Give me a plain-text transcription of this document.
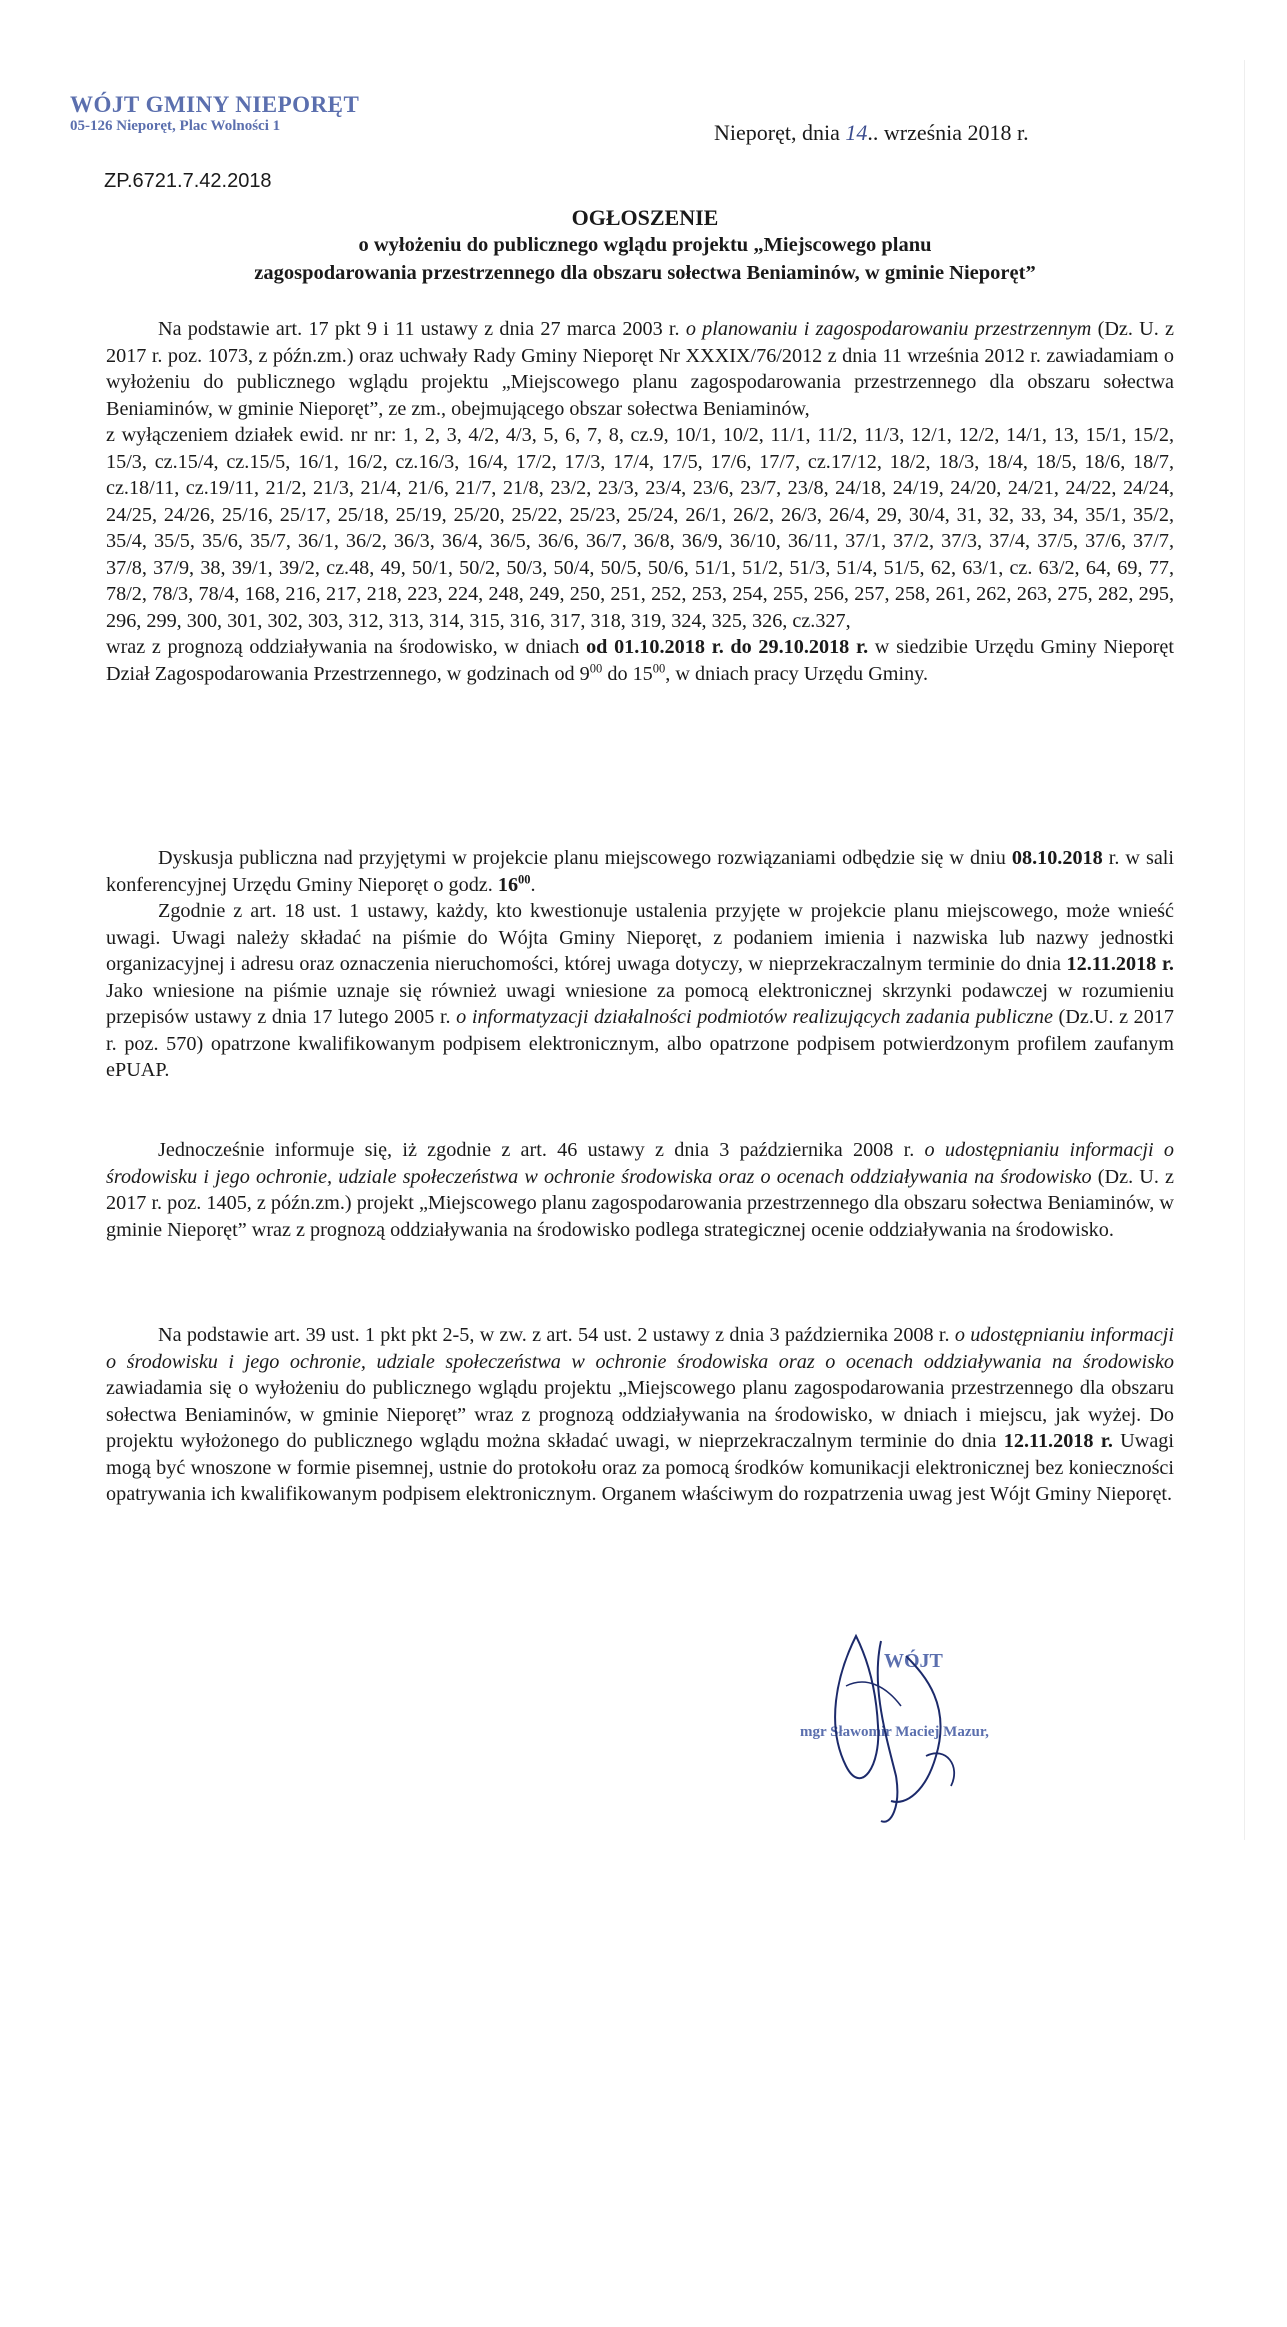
WÓJT GMINY NIEPORĘT
05-126 Nieporęt, Plac Wolności 1	Nieporęt, dnia 14.. września 2018 r.
ZP.6721.7.42.2018
OGŁOSZENIE
o wyłożeniu do publicznego wglądu projektu „Miejscowego planu
zagospodarowania przestrzennego dla obszaru sołectwa Beniaminów, w gminie Nieporęt”

Na podstawie art. 17 pkt 9 i 11 ustawy z dnia 27 marca 2003 r. o planowaniu i zagospodarowaniu przestrzennym (Dz. U. z 2017 r. poz. 1073, z późn.zm.) oraz uchwały Rady Gminy Nieporęt Nr XXXIX/76/2012 z dnia 11 września 2012 r. zawiadamiam o wyłożeniu do publicznego wglądu projektu „Miejscowego planu zagospodarowania przestrzennego dla obszaru sołectwa Beniaminów, w gminie Nieporęt”, ze zm., obejmującego obszar sołectwa Beniaminów,
z wyłączeniem działek ewid. nr nr: 1, 2, 3, 4/2, 4/3, 5, 6, 7, 8, cz.9, 10/1, 10/2, 11/1, 11/2, 11/3, 12/1, 12/2, 14/1, 13, 15/1, 15/2, 15/3, cz.15/4, cz.15/5, 16/1, 16/2, cz.16/3, 16/4, 17/2, 17/3, 17/4, 17/5, 17/6, 17/7, cz.17/12, 18/2, 18/3, 18/4, 18/5, 18/6, 18/7, cz.18/11, cz.19/11, 21/2, 21/3, 21/4, 21/6, 21/7, 21/8, 23/2, 23/3, 23/4, 23/6, 23/7, 23/8, 24/18, 24/19, 24/20, 24/21, 24/22, 24/24, 24/25, 24/26, 25/16, 25/17, 25/18, 25/19, 25/20, 25/22, 25/23, 25/24, 26/1, 26/2, 26/3, 26/4, 29, 30/4, 31, 32, 33, 34, 35/1, 35/2, 35/4, 35/5, 35/6, 35/7, 36/1, 36/2, 36/3, 36/4, 36/5, 36/6, 36/7, 36/8, 36/9, 36/10, 36/11, 37/1, 37/2, 37/3, 37/4, 37/5, 37/6, 37/7, 37/8, 37/9, 38, 39/1, 39/2, cz.48, 49, 50/1, 50/2, 50/3, 50/4, 50/5, 50/6, 51/1, 51/2, 51/3, 51/4, 51/5, 62, 63/1, cz. 63/2, 64, 69, 77, 78/2, 78/3, 78/4, 168, 216, 217, 218, 223, 224, 248, 249, 250, 251, 252, 253, 254, 255, 256, 257, 258, 261, 262, 263, 275, 282, 295, 296, 299, 300, 301, 302, 303, 312, 313, 314, 315, 316, 317, 318, 319, 324, 325, 326, cz.327,
wraz z prognozą oddziaływania na środowisko, w dniach od 01.10.2018 r. do 29.10.2018 r. w siedzibie Urzędu Gminy Nieporęt Dział Zagospodarowania Przestrzennego, w godzinach od $9^{00}$ do $15^{00}$, w dniach pracy Urzędu Gminy.

Dyskusja publiczna nad przyjętymi w projekcie planu miejscowego rozwiązaniami odbędzie się w dniu 08.10.2018 r. w sali konferencyjnej Urzędu Gminy Nieporęt o godz. $16^{00}$.

Zgodnie z art. 18 ust. 1 ustawy, każdy, kto kwestionuje ustalenia przyjęte w projekcie planu miejscowego, może wnieść uwagi. Uwagi należy składać na piśmie do Wójta Gminy Nieporęt, z podaniem imienia i nazwiska lub nazwy jednostki organizacyjnej i adresu oraz oznaczenia nieruchomości, której uwaga dotyczy, w nieprzekraczalnym terminie do dnia 12.11.2018 r. Jako wniesione na piśmie uznaje się również uwagi wniesione za pomocą elektronicznej skrzynki podawczej w rozumieniu przepisów ustawy z dnia 17 lutego 2005 r. o informatyzacji działalności podmiotów realizujących zadania publiczne (Dz.U. z 2017 r. poz. 570) opatrzone kwalifikowanym podpisem elektronicznym, albo opatrzone podpisem potwierdzonym profilem zaufanym ePUAP.

Jednocześnie informuje się, iż zgodnie z art. 46 ustawy z dnia 3 października 2008 r. o udostępnianiu informacji o środowisku i jego ochronie, udziale społeczeństwa w ochronie środowiska oraz o ocenach oddziaływania na środowisko (Dz. U. z 2017 r. poz. 1405, z późn.zm.) projekt „Miejscowego planu zagospodarowania przestrzennego dla obszaru sołectwa Beniaminów, w gminie Nieporęt” wraz z prognozą oddziaływania na środowisko podlega strategicznej ocenie oddziaływania na środowisko.

Na podstawie art. 39 ust. 1 pkt pkt 2-5, w zw. z art. 54 ust. 2 ustawy z dnia 3 października 2008 r. o udostępnianiu informacji o środowisku i jego ochronie, udziale społeczeństwa w ochronie środowiska oraz o ocenach oddziaływania na środowisko zawiadamia się o wyłożeniu do publicznego wglądu projektu „Miejscowego planu zagospodarowania przestrzennego dla obszaru sołectwa Beniaminów, w gminie Nieporęt” wraz z prognozą oddziaływania na środowisko, w dniach i miejscu, jak wyżej. Do projektu wyłożonego do publicznego wglądu można składać uwagi, w nieprzekraczalnym terminie do dnia 12.11.2018 r. Uwagi mogą być wnoszone w formie pisemnej, ustnie do protokołu oraz za pomocą środków komunikacji elektronicznej bez konieczności opatrywania ich kwalifikowanym podpisem elektronicznym. Organem właściwym do rozpatrzenia uwag jest Wójt Gminy Nieporęt.

WÓJT
mgr Sławomir Maciej Mazur,
